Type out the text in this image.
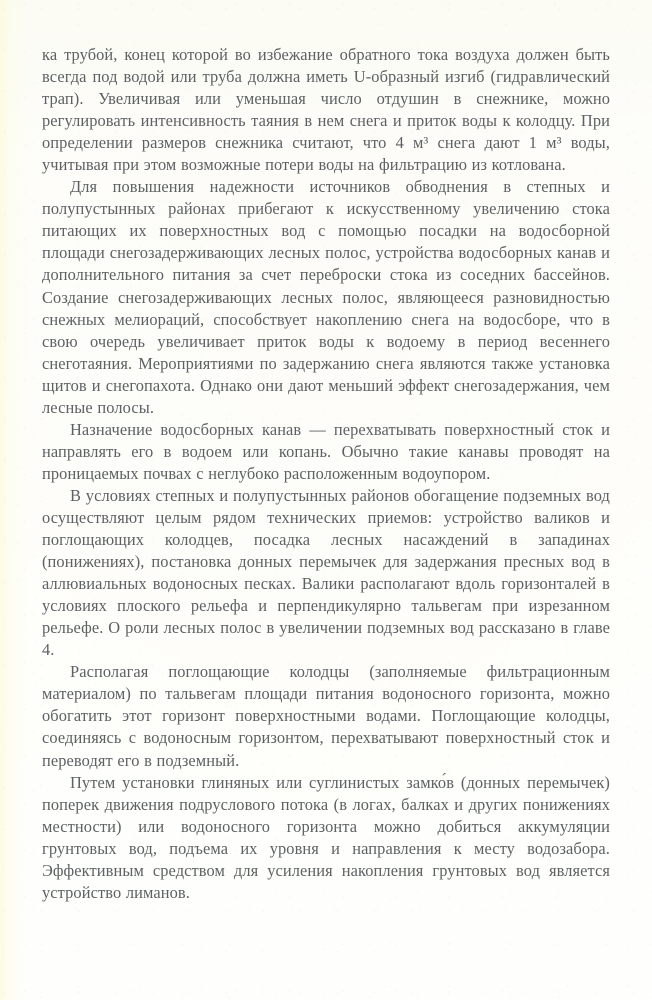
ка трубой, конец которой во избежание обратного тока воздуха должен быть всегда под водой или труба должна иметь U-образный изгиб (гидравлический трап). Увеличивая или уменьшая число отдушин в снежнике, можно регулировать интенсивность таяния в нем снега и приток воды к колодцу. При определении размеров снежника считают, что 4 м³ снега дают 1 м³ воды, учитывая при этом возможные потери воды на фильтрацию из котлована.

Для повышения надежности источников обводнения в степных и полупустынных районах прибегают к искусственному увеличению стока питающих их поверхностных вод с помощью посадки на водосборной площади снегозадерживающих лесных полос, устройства водосборных канав и дополнительного питания за счет переброски стока из соседних бассейнов. Создание снегозадерживающих лесных полос, являющееся разновидностью снежных мелиораций, способствует накоплению снега на водосборе, что в свою очередь увеличивает приток воды к водоему в период весеннего снеготаяния. Мероприятиями по задержанию снега являются также установка щитов и снегопахота. Однако они дают меньший эффект снегозадержания, чем лесные полосы.

Назначение водосборных канав — перехватывать поверхностный сток и направлять его в водоем или копань. Обычно такие канавы проводят на проницаемых почвах с неглубоко расположенным водоупором.

В условиях степных и полупустынных районов обогащение подземных вод осуществляют целым рядом технических приемов: устройство валиков и поглощающих колодцев, посадка лесных насаждений в западинах (понижениях), постановка донных перемычек для задержания пресных вод в аллювиальных водоносных песках. Валики располагают вдоль горизонталей в условиях плоского рельефа и перпендикулярно тальвегам при изрезанном рельефе. О роли лесных полос в увеличении подземных вод рассказано в главе 4.

Располагая поглощающие колодцы (заполняемые фильтрационным материалом) по тальвегам площади питания водоносного горизонта, можно обогатить этот горизонт поверхностными водами. Поглощающие колодцы, соединяясь с водоносным горизонтом, перехватывают поверхностный сток и переводят его в подземный.

Путем установки глиняных или суглинистых замко́в (донных перемычек) поперек движения подруслового потока (в логах, балках и других понижениях местности) или водоносного горизонта можно добиться аккумуляции грунтовых вод, подъема их уровня и направления к месту водозабора. Эффективным средством для усиления накопления грунтовых вод является устройство лиманов.
